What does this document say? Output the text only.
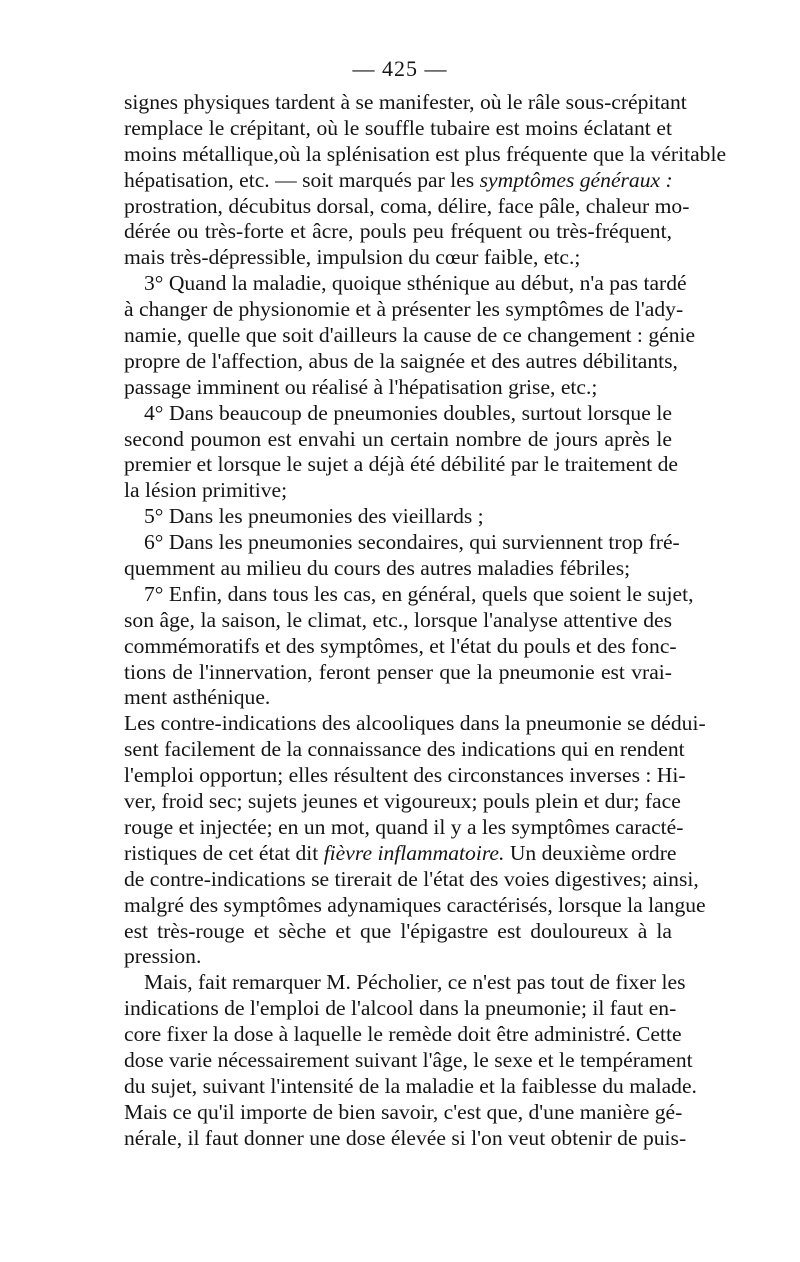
— 425 —
signes physiques tardent à se manifester, où le râle sous-crépitant
remplace le crépitant, où le souffle tubaire est moins éclatant et
moins métallique,où la splénisation est plus fréquente que la véritable
hépatisation, etc. — soit marqués par les symptômes généraux :
prostration, décubitus dorsal, coma, délire, face pâle, chaleur mo-
dérée ou très-forte et âcre, pouls peu fréquent ou très-fréquent,
mais très-dépressible, impulsion du cœur faible, etc.;
3° Quand la maladie, quoique sthénique au début, n'a pas tardé
à changer de physionomie et à présenter les symptômes de l'ady-
namie, quelle que soit d'ailleurs la cause de ce changement : génie
propre de l'affection, abus de la saignée et des autres débilitants,
passage imminent ou réalisé à l'hépatisation grise, etc.;
4° Dans beaucoup de pneumonies doubles, surtout lorsque le
second poumon est envahi un certain nombre de jours après le
premier et lorsque le sujet a déjà été débilité par le traitement de
la lésion primitive;
5° Dans les pneumonies des vieillards ;
6° Dans les pneumonies secondaires, qui surviennent trop fré-
quemment au milieu du cours des autres maladies fébriles;
7° Enfin, dans tous les cas, en général, quels que soient le sujet,
son âge, la saison, le climat, etc., lorsque l'analyse attentive des
commémoratifs et des symptômes, et l'état du pouls et des fonc-
tions de l'innervation, feront penser que la pneumonie est vrai-
ment asthénique.
Les contre-indications des alcooliques dans la pneumonie se dédui-
sent facilement de la connaissance des indications qui en rendent
l'emploi opportun; elles résultent des circonstances inverses : Hi-
ver, froid sec; sujets jeunes et vigoureux; pouls plein et dur; face
rouge et injectée; en un mot, quand il y a les symptômes caracté-
ristiques de cet état dit fièvre inflammatoire. Un deuxième ordre
de contre-indications se tirerait de l'état des voies digestives; ainsi,
malgré des symptômes adynamiques caractérisés, lorsque la langue
est très-rouge et sèche et que l'épigastre est douloureux à la
pression.
Mais, fait remarquer M. Pécholier, ce n'est pas tout de fixer les
indications de l'emploi de l'alcool dans la pneumonie; il faut en-
core fixer la dose à laquelle le remède doit être administré. Cette
dose varie nécessairement suivant l'âge, le sexe et le tempérament
du sujet, suivant l'intensité de la maladie et la faiblesse du malade.
Mais ce qu'il importe de bien savoir, c'est que, d'une manière gé-
nérale, il faut donner une dose élevée si l'on veut obtenir de puis-
